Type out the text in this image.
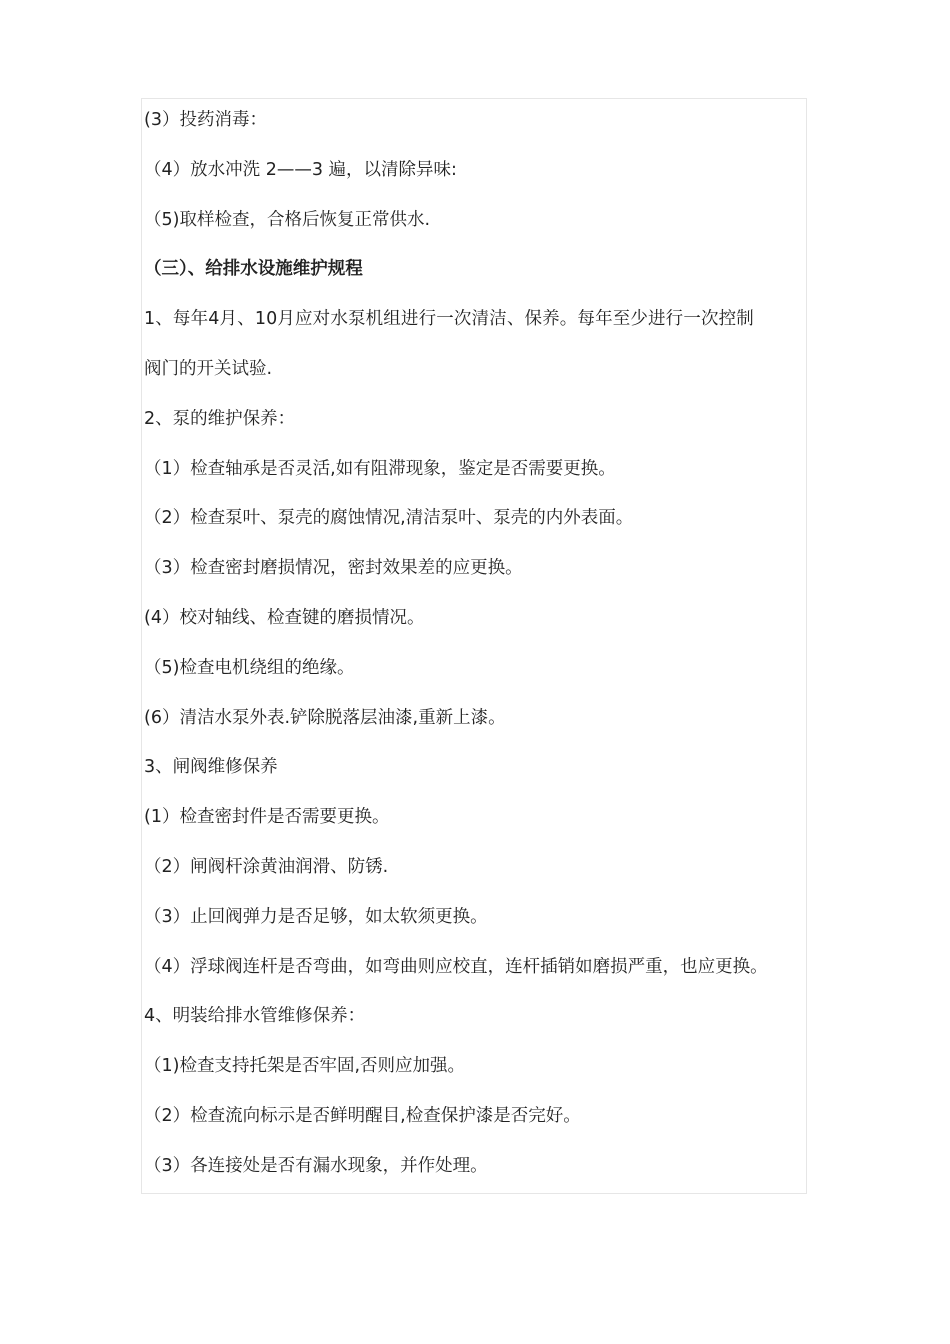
(3）投药消毒：

（4）放水冲洗 2——3 遍，以清除异味:

（5)取样检查，合格后恢复正常供水.

（三）、给排水设施维护规程

1、每年4月、10月应对水泵机组进行一次清洁、保养。每年至少进行一次控制

阀门的开关试验.

2、泵的维护保养：

（1）检查轴承是否灵活,如有阻滞现象，鉴定是否需要更换。

（2）检查泵叶、泵壳的腐蚀情况,清洁泵叶、泵壳的内外表面。

（3）检查密封磨损情况，密封效果差的应更换。

(4）校对轴线、检查键的磨损情况。

（5)检查电机绕组的绝缘。

(6）清洁水泵外表.铲除脱落层油漆,重新上漆。

3、闸阀维修保养

(1）检查密封件是否需要更换。

（2）闸阀杆涂黄油润滑、防锈.

（3）止回阀弹力是否足够，如太软须更换。

（4）浮球阀连杆是否弯曲，如弯曲则应校直，连杆插销如磨损严重，也应更换。

4、明装给排水管维修保养：

（1)检查支持托架是否牢固,否则应加强。

（2）检查流向标示是否鲜明醒目,检查保护漆是否完好。

（3）各连接处是否有漏水现象，并作处理。
